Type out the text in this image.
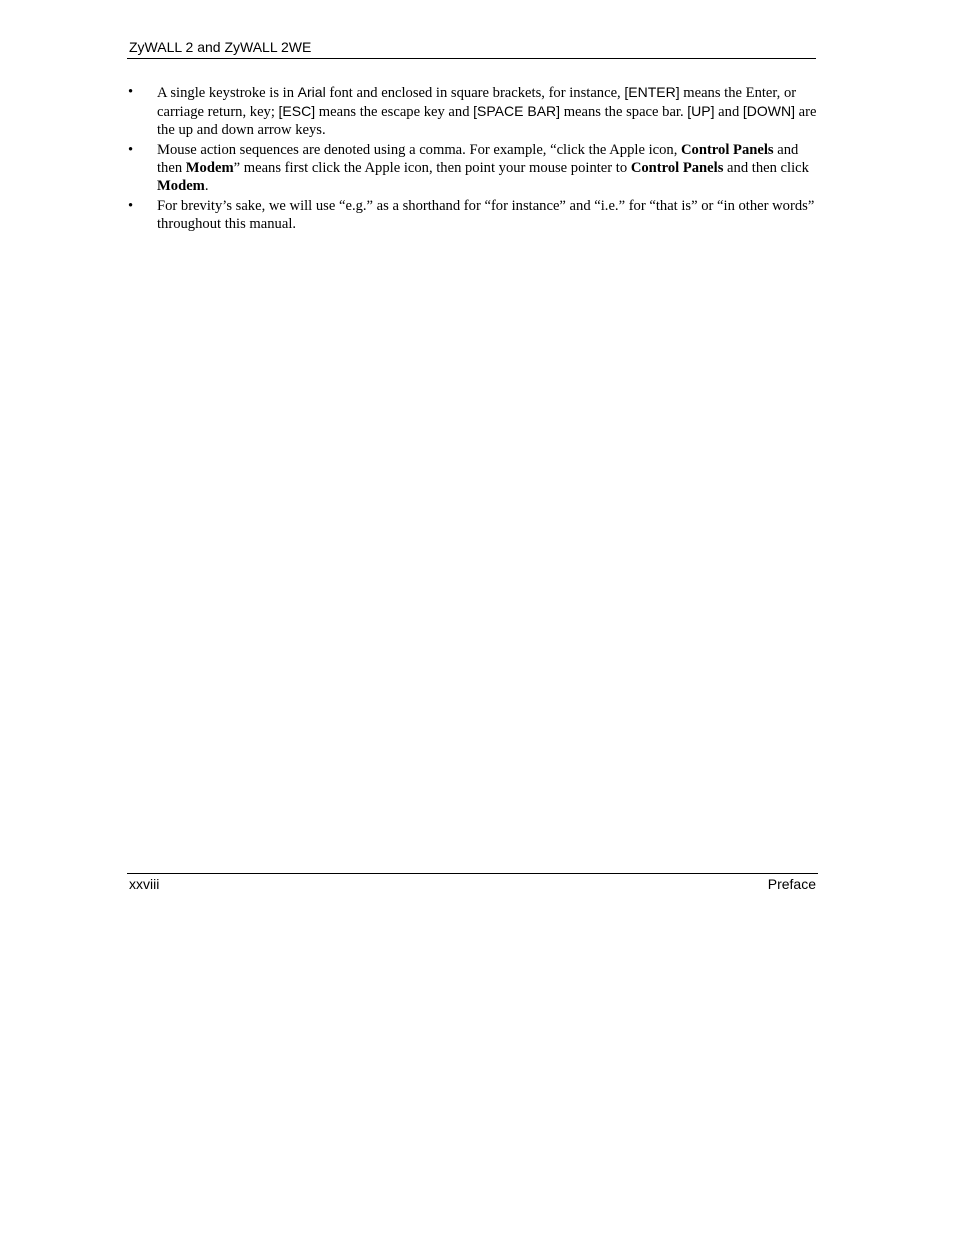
ZyWALL 2 and ZyWALL 2WE
• A single keystroke is in Arial font and enclosed in square brackets, for instance, [ENTER] means the Enter, or carriage return, key; [ESC] means the escape key and [SPACE BAR] means the space bar. [UP] and [DOWN] are the up and down arrow keys.
• Mouse action sequences are denoted using a comma. For example, “click the Apple icon, Control Panels and then Modem” means first click the Apple icon, then point your mouse pointer to Control Panels and then click Modem.
• For brevity’s sake, we will use “e.g.” as a shorthand for “for instance” and “i.e.” for “that is” or “in other words” throughout this manual.
xxviii	Preface
